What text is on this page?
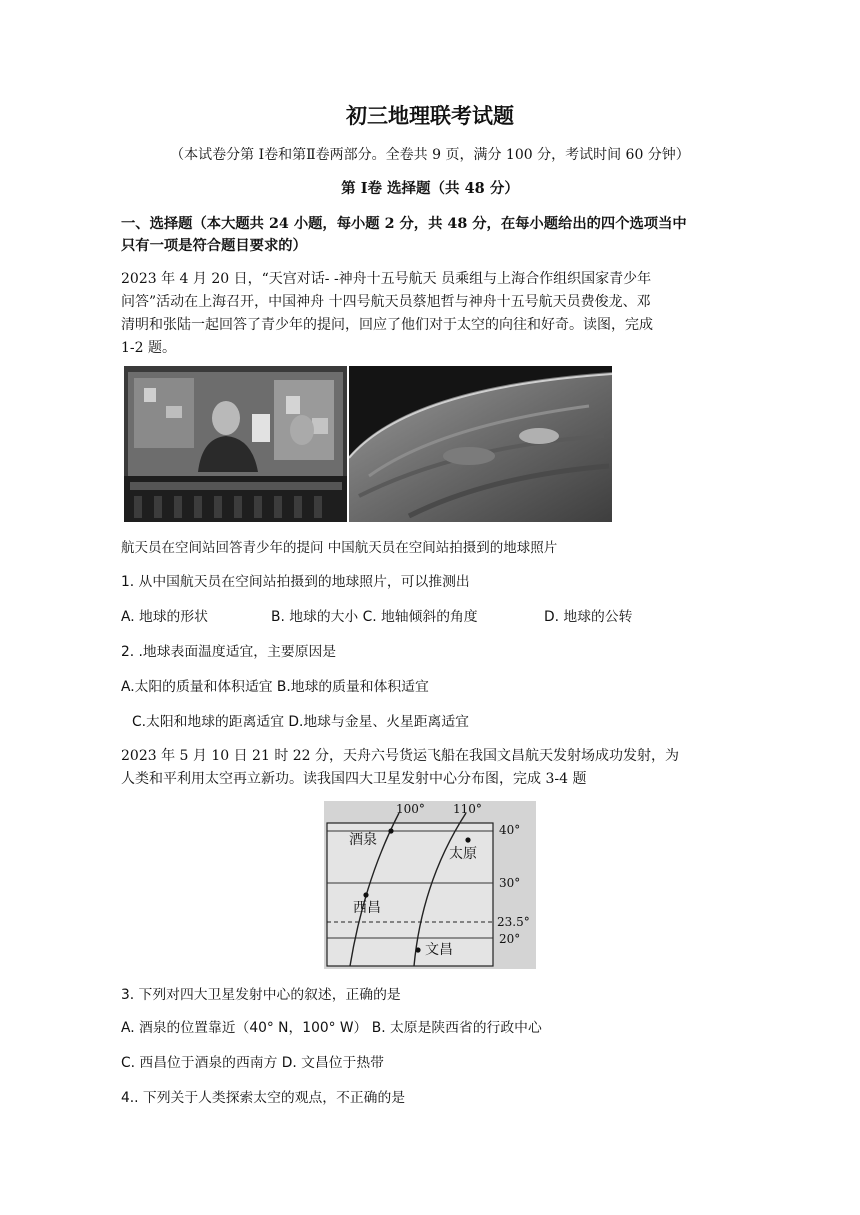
初三地理联考试题
（本试卷分第 Ⅰ卷和第Ⅱ卷两部分。全卷共 9 页，满分 100 分，考试时间 60 分钟）
第 Ⅰ卷 选择题（共 48 分）
一、选择题（本大题共 24 小题，每小题 2 分，共 48 分，在每小题给出的四个选项当中
只有一项是符合题目要求的）
2023 年 4 月 20 日，“天宫对话- -神舟十五号航天 员乘组与上海合作组织国家青少年
问答”活动在上海召开，中国神舟 十四号航天员蔡旭哲与神舟十五号航天员费俊龙、邓
清明和张陆一起回答了青少年的提问，回应了他们对于太空的向往和好奇。读图，完成
1-2 题。
航天员在空间站回答青少年的提问 中国航天员在空间站拍摄到的地球照片
1. 从中国航天员在空间站拍摄到的地球照片，可以推测出
A. 地球的形状	B. 地球的大小 C. 地轴倾斜的角度	D. 地球的公转
2. .地球表面温度适宜，主要原因是
A.太阳的质量和体积适宜 B.地球的质量和体积适宜
C.太阳和地球的距离适宜 D.地球与金星、火星距离适宜
2023 年 5 月 10 日 21 时 22 分，天舟六号货运飞船在我国文昌航天发射场成功发射，为
人类和平利用太空再立新功。读我国四大卫星发射中心分布图，完成 3-4 题
100° 110°
40°
30°
23.5°
20°
酒泉
太原
西昌
文昌
3. 下列对四大卫星发射中心的叙述，正确的是
A. 酒泉的位置靠近（40° N，100° W） B. 太原是陕西省的行政中心
C. 西昌位于酒泉的西南方 D. 文昌位于热带
4.. 下列关于人类探索太空的观点，不正确的是
